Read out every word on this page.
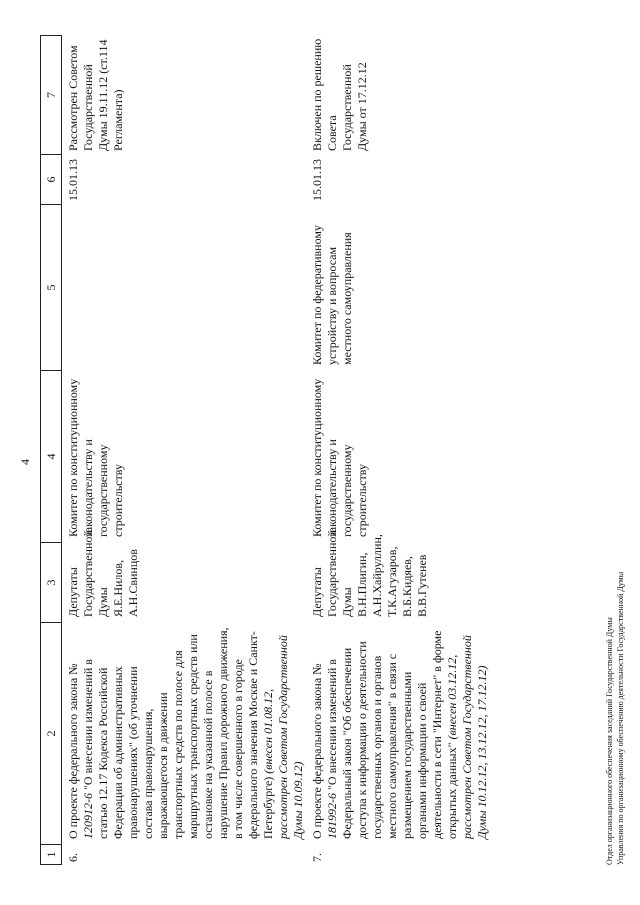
4
1
2
3
4
5
6
7
6.
О проекте федерального закона № 120912-6 "О внесении изменений в статью 12.17 Кодекса Российской Федерации об административных правонарушениях" (об уточнении состава правонарушения, выражающегося в движении транспортных средств по полосе для маршрутных транспортных средств или остановке на указанной полосе в нарушение Правил дорожного движения, в том числе совершенного в городе федерального значения Москве и Санкт-Петербурге) (внесен 01.08.12, рассмотрен Советом Государственной Думы 10.09.12)
Депутаты Государственной Думы Я.Е.Нилов, А.Н.Свинцов
Комитет по конституционному законодательству и государственному строительству
15.01.13
Рассмотрен Советом Государственной Думы 19.11.12 (ст.114 Регламента)
7.
О проекте федерального закона № 181992-6 "О внесении изменений в Федеральный закон "Об обеспечении доступа к информации о деятельности государственных органов и органов местного самоуправления" в связи с размещением государственными органами информации о своей деятельности в сети "Интернет" в форме открытых данных" (внесен 03.12.12, рассмотрен Советом Государственной Думы 10.12.12, 13.12.12, 17.12.12)
Депутаты Государственной Думы В.Н.Плигин, А.Н.Хайруллин, Т.К.Агузаров, В.Б.Кидяев, В.В.Гутенев
Комитет по конституционному законодательству и государственному строительству
Комитет по федеративному устройству и вопросам местного самоуправления
15.01.13
Включен по решению Совета Государственной Думы от 17.12.12
Отдел организационного обеспечения заседаний Государственной Думы Управления по организационному обеспечению деятельности Государственной Думы
